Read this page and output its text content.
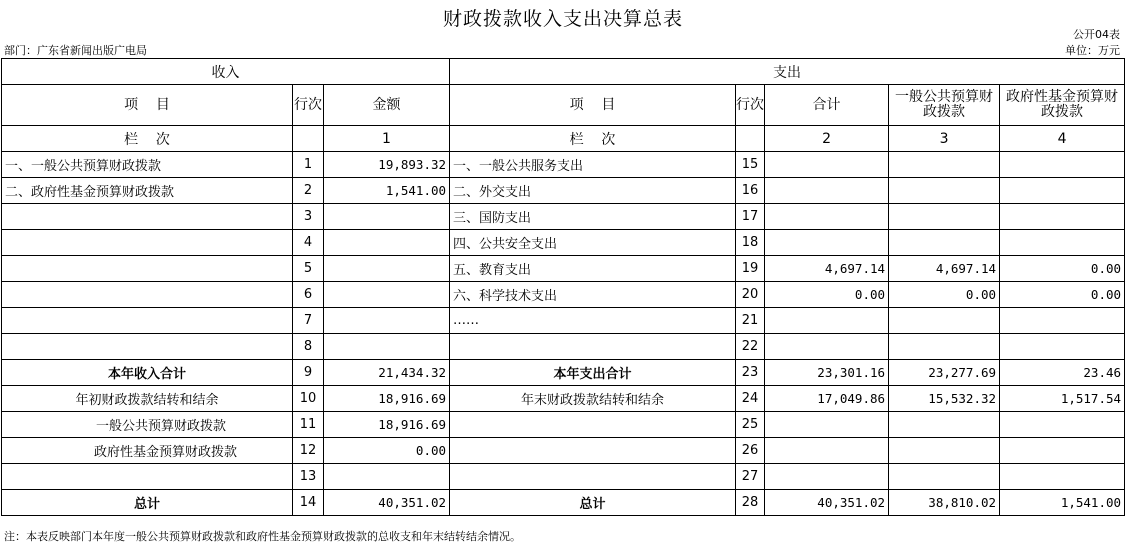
财政拨款收入支出决算总表
公开04表
部门：广东省新闻出版广电局	单位：万元
收入			支出				
项    目	行次	金额	项    目	行次	合计	一般公共预算财政拨款	政府性基金预算财政拨款
栏    次		1	栏    次		2	3	4
一、一般公共预算财政拨款	1	19,893.32	一、一般公共服务支出	15			
二、政府性基金预算财政拨款	2	1,541.00	二、外交支出	16			
	3		三、国防支出	17			
	4		四、公共安全支出	18			
	5		五、教育支出	19	4,697.14	4,697.14	0.00
	6		六、科学技术支出	20	0.00	0.00	0.00
	7		……	21			
	8			22			
本年收入合计	9	21,434.32	本年支出合计	23	23,301.16	23,277.69	23.46
年初财政拨款结转和结余	10	18,916.69	年末财政拨款结转和结余	24	17,049.86	15,532.32	1,517.54
一般公共预算财政拨款	11	18,916.69		25			
政府性基金预算财政拨款	12	0.00		26			
	13			27			
总计	14	40,351.02	总计	28	40,351.02	38,810.02	1,541.00
注：本表反映部门本年度一般公共预算财政拨款和政府性基金预算财政拨款的总收支和年末结转结余情况。
